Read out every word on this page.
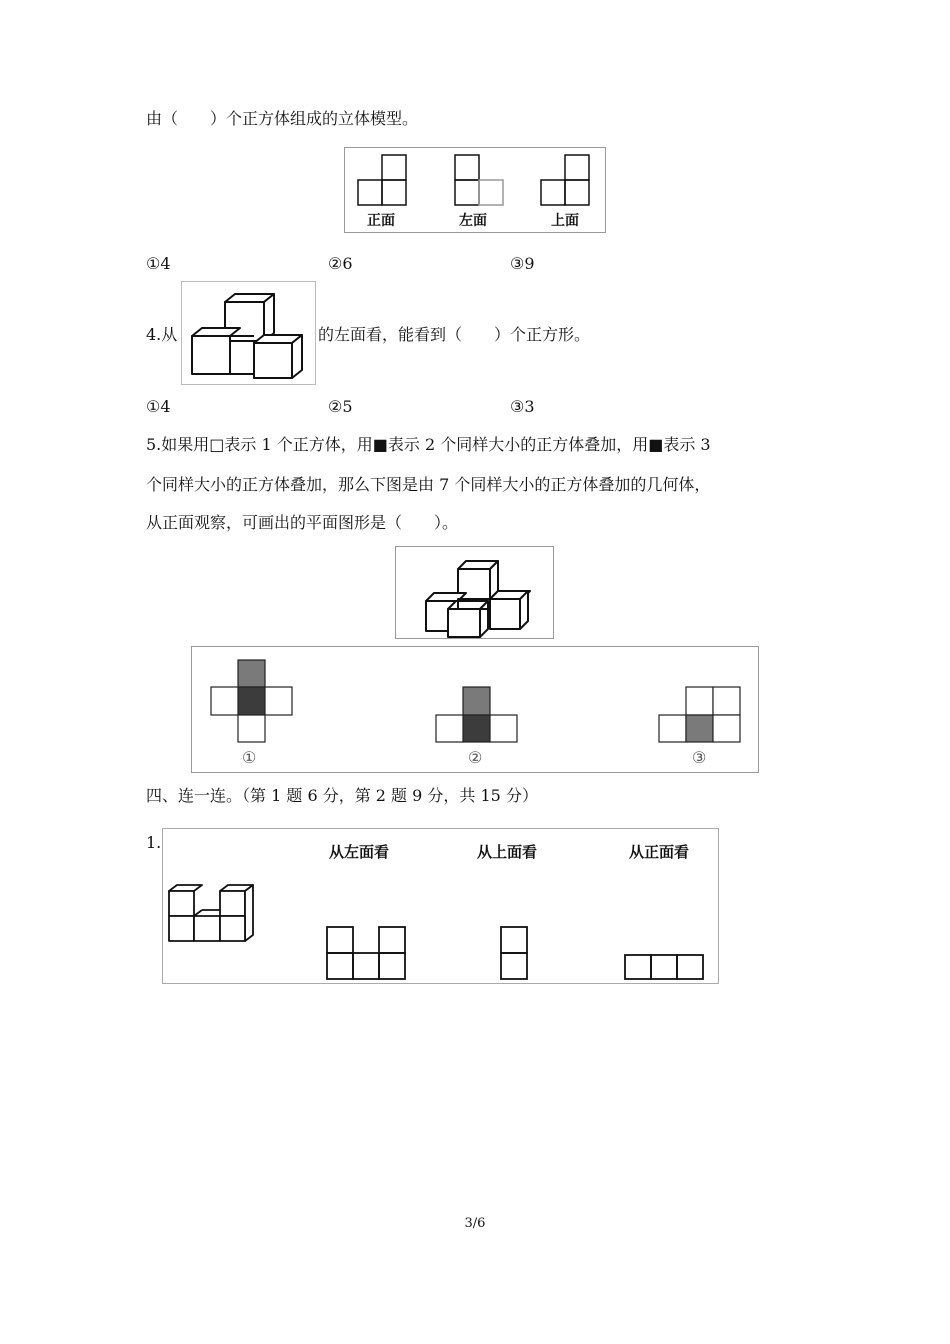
由（　　）个正方体组成的立体模型。
正面	左面	上面
①4	②6	③9
4.从	的左面看，能看到（　　）个正方形。
①4	②5	③3
5.如果用□表示 1 个正方体，用■表示 2 个同样大小的正方体叠加，用■表示 3
个同样大小的正方体叠加，那么下图是由 7 个同样大小的正方体叠加的几何体，
从正面观察，可画出的平面图形是（　　）。
①	②	③
四、连一连。（第 1 题 6 分，第 2 题 9 分，共 15 分）
1.	从左面看	从上面看	从正面看
3/6
